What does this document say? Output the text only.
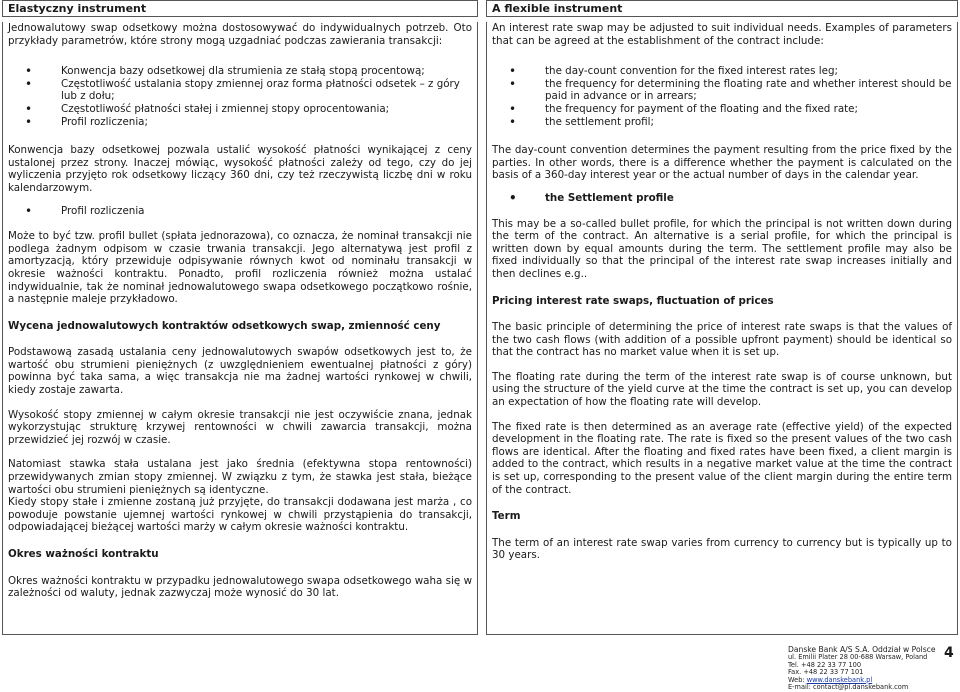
Elastyczny instrument

Jednowalutowy swap odsetkowy można dostosowywać do indywidualnych potrzeb. Oto przykłady parametrów, które strony mogą uzgadniać podczas zawierania transakcji:

• Konwencja bazy odsetkowej dla strumienia ze stałą stopą procentową;
• Częstotliwość ustalania stopy zmiennej oraz forma płatności odsetek – z góry lub z dołu;
• Częstotliwość płatności stałej i zmiennej stopy oprocentowania;
• Profil rozliczenia;

Konwencja bazy odsetkowej pozwala ustalić wysokość płatności wynikającej z ceny ustalonej przez strony. Inaczej mówiąc, wysokość płatności zależy od tego, czy do jej wyliczenia przyjęto rok odsetkowy liczący 360 dni, czy też rzeczywistą liczbę dni w roku kalendarzowym.

• Profil rozliczenia

Może to być tzw. profil bullet (spłata jednorazowa), co oznacza, że nominał transakcji nie podlega żadnym odpisom w czasie trwania transakcji. Jego alternatywą jest profil z amortyzacją, który przewiduje odpisywanie równych kwot od nominału transakcji w okresie ważności kontraktu. Ponadto, profil rozliczenia również można ustalać indywidualnie, tak że nominał jednowalutowego swapa odsetkowego początkowo rośnie, a następnie maleje przykładowo.

Wycena jednowalutowych kontraktów odsetkowych swap, zmienność ceny

Podstawową zasadą ustalania ceny jednowalutowych swapów odsetkowych jest to, że wartość obu strumieni pieniężnych (z uwzględnieniem ewentualnej płatności z góry) powinna być taka sama, a więc transakcja nie ma żadnej wartości rynkowej w chwili, kiedy zostaje zawarta.

Wysokość stopy zmiennej w całym okresie transakcji nie jest oczywiście znana, jednak wykorzystując strukturę krzywej rentowności w chwili zawarcia transakcji, można przewidzieć jej rozwój w czasie.

Natomiast stawka stała ustalana jest jako średnia (efektywna stopa rentowności) przewidywanych zmian stopy zmiennej. W związku z tym, że stawka jest stała, bieżące wartości obu strumieni pieniężnych są identyczne.

Kiedy stopy stałe i zmienne zostaną już przyjęte, do transakcji dodawana jest marża , co powoduje powstanie ujemnej wartości rynkowej w chwili przystąpienia do transakcji, odpowiadającej bieżącej wartości marży w całym okresie ważności kontraktu.

Okres ważności kontraktu

Okres ważności kontraktu w przypadku jednowalutowego swapa odsetkowego waha się w zależności od waluty, jednak zazwyczaj może wynosić do 30 lat.

A flexible instrument

An interest rate swap may be adjusted to suit individual needs. Examples of parameters that can be agreed at the establishment of the contract include:

• the day-count convention for the fixed interest rates leg;
• the frequency for determining the floating rate and whether interest should be paid in advance or in arrears;
• the frequency for payment of the floating and the fixed rate;
• the settlement profil;

The day-count convention determines the payment resulting from the price fixed by the parties. In other words, there is a difference whether the payment is calculated on the basis of a 360-day interest year or the actual number of days in the calendar year.

• the Settlement profile

This may be a so-called bullet profile, for which the principal is not written down during the term of the contract. An alternative is a serial profile, for which the principal is written down by equal amounts during the term. The settlement profile may also be fixed individually so that the principal of the interest rate swap increases initially and then declines e.g..

Pricing interest rate swaps, fluctuation of prices

The basic principle of determining the price of interest rate swaps is that the values of the two cash flows (with addition of a possible upfront payment) should be identical so that the contract has no market value when it is set up.

The floating rate during the term of the interest rate swap is of course unknown, but using the structure of the yield curve at the time the contract is set up, you can develop an expectation of how the floating rate will develop.

The fixed rate is then determined as an average rate (effective yield) of the expected development in the floating rate. The rate is fixed so the present values of the two cash flows are identical. After the floating and fixed rates have been fixed, a client margin is added to the contract, which results in a negative market value at the time the contract is set up, corresponding to the present value of the client margin during the entire term of the contract.

Term

The term of an interest rate swap varies from currency to currency but is typically up to 30 years.

Danske Bank A/S S.A. Oddział w Polsce
ul. Emilii Plater 28 00-688 Warsaw, Poland
Tel. +48 22 33 77 100
Fax. +48 22 33 77 101
Web: www.danskebank.pl
E-mail: contact@pl.danskebank.com
4
